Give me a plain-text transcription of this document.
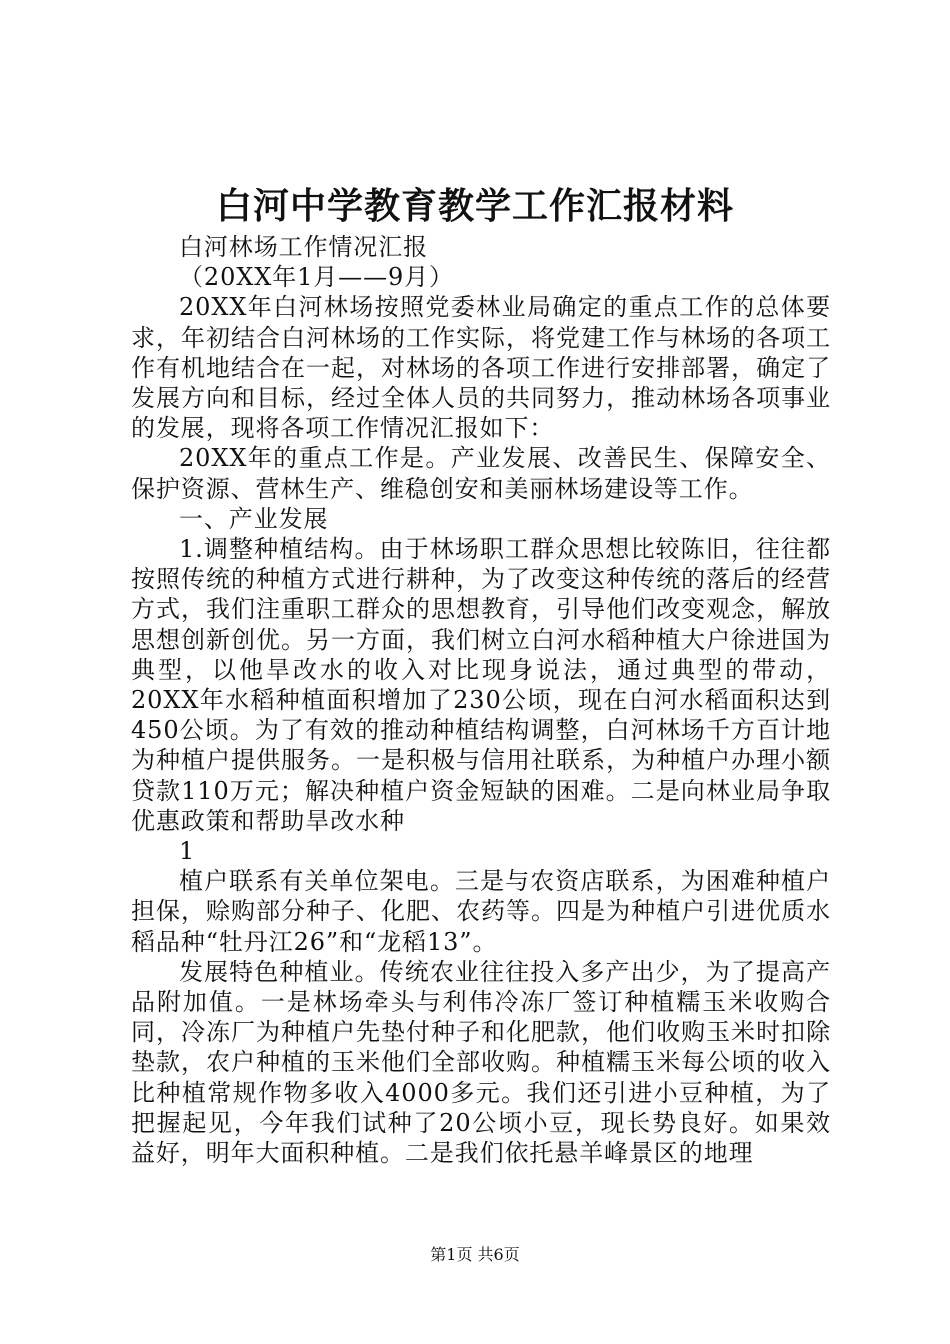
白河中学教育教学工作汇报材料

白河林场工作情况汇报

（20XX年1月——9月）

20XX年白河林场按照党委林业局确定的重点工作的总体要求，年初结合白河林场的工作实际，将党建工作与林场的各项工作有机地结合在一起，对林场的各项工作进行安排部署，确定了发展方向和目标，经过全体人员的共同努力，推动林场各项事业的发展，现将各项工作情况汇报如下：

20XX年的重点工作是。产业发展、改善民生、保障安全、保护资源、营林生产、维稳创安和美丽林场建设等工作。

一、产业发展

1.调整种植结构。由于林场职工群众思想比较陈旧，往往都按照传统的种植方式进行耕种，为了改变这种传统的落后的经营方式，我们注重职工群众的思想教育，引导他们改变观念，解放思想创新创优。另一方面，我们树立白河水稻种植大户徐进国为典型，以他旱改水的收入对比现身说法，通过典型的带动，20XX年水稻种植面积增加了230公顷，现在白河水稻面积达到450公顷。为了有效的推动种植结构调整，白河林场千方百计地为种植户提供服务。一是积极与信用社联系，为种植户办理小额贷款110万元；解决种植户资金短缺的困难。二是向林业局争取优惠政策和帮助旱改水种

1

植户联系有关单位架电。三是与农资店联系，为困难种植户担保，赊购部分种子、化肥、农药等。四是为种植户引进优质水稻品种“牡丹江26”和“龙稻13”。

发展特色种植业。传统农业往往投入多产出少，为了提高产品附加值。一是林场牵头与利伟冷冻厂签订种植糯玉米收购合同，冷冻厂为种植户先垫付种子和化肥款，他们收购玉米时扣除垫款，农户种植的玉米他们全部收购。种植糯玉米每公顷的收入比种植常规作物多收入4000多元。我们还引进小豆种植，为了把握起见，今年我们试种了20公顷小豆，现长势良好。如果效益好，明年大面积种植。二是我们依托悬羊峰景区的地理

第1页 共6页
